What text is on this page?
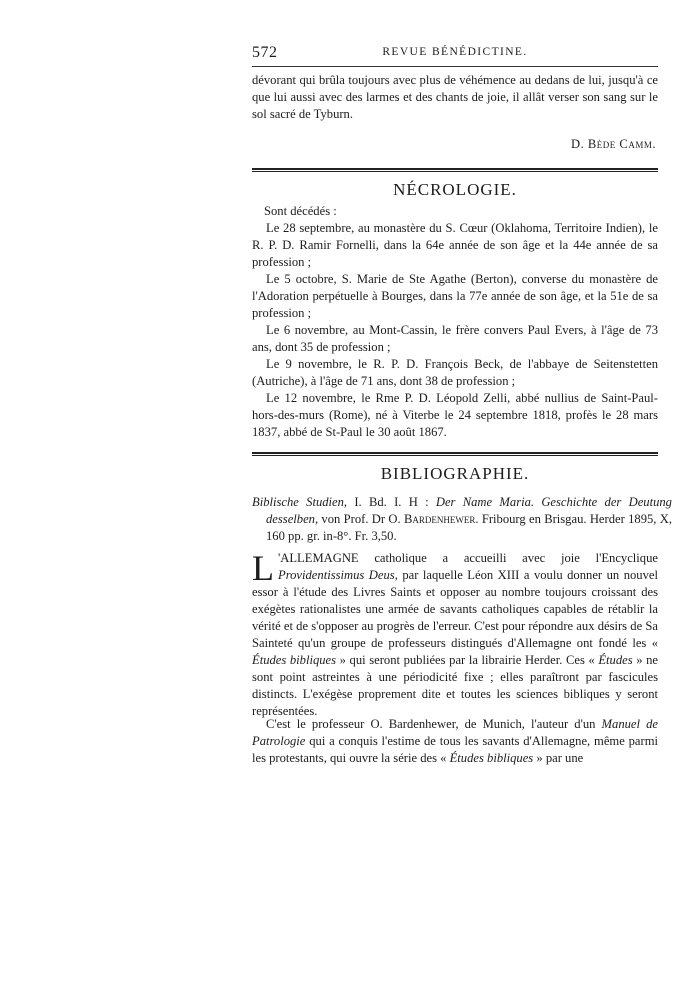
572	REVUE BÉNÉDICTINE.

dévorant qui brûla toujours avec plus de véhémence au dedans de lui, jusqu'à ce que lui aussi avec des larmes et des chants de joie, il allât verser son sang sur le sol sacré de Tyburn.

D. Bède Camm.
NÉCROLOGIE.
Sont décédés :
Le 28 septembre, au monastère du S. Cœur (Oklahoma, Territoire Indien), le R. P. D. Ramir Fornelli, dans la 64e année de son âge et la 44e année de sa profession ;
Le 5 octobre, S. Marie de Ste Agathe (Berton), converse du monastère de l'Adoration perpétuelle à Bourges, dans la 77e année de son âge, et la 51e de sa profession ;
Le 6 novembre, au Mont-Cassin, le frère convers Paul Evers, à l'âge de 73 ans, dont 35 de profession ;
Le 9 novembre, le R. P. D. François Beck, de l'abbaye de Seitenstetten (Autriche), à l'âge de 71 ans, dont 38 de profession ;
Le 12 novembre, le Rme P. D. Léopold Zelli, abbé nullius de Saint-Paul-hors-des-murs (Rome), né à Viterbe le 24 septembre 1818, profès le 28 mars 1837, abbé de St-Paul le 30 août 1867.
BIBLIOGRAPHIE.

Biblische Studien, I. Bd. I. H : Der Name Maria. Geschichte der Deutung desselben, von Prof. Dr O. Bardenhewer. Fribourg en Brisgau. Herder 1895, X, 160 pp. gr. in-8°. Fr. 3,50.

L 'ALLEMAGNE catholique a accueilli avec joie l'Encyclique Providentissimus Deus, par laquelle Léon XIII a voulu donner un nouvel essor à l'étude des Livres Saints et opposer au nombre toujours croissant des exégètes rationalistes une armée de savants catholiques capables de rétablir la vérité et de s'opposer au progrès de l'erreur. C'est pour répondre aux désirs de Sa Sainteté qu'un groupe de professeurs distingués d'Allemagne ont fondé les « Études bibliques » qui seront publiées par la librairie Herder. Ces « Études » ne sont point astreintes à une périodicité fixe ; elles paraîtront par fascicules distincts. L'exégèse proprement dite et toutes les sciences bibliques y seront représentées.

C'est le professeur O. Bardenhewer, de Munich, l'auteur d'un Manuel de Patrologie qui a conquis l'estime de tous les savants d'Allemagne, même parmi les protestants, qui ouvre la série des « Études bibliques » par une
